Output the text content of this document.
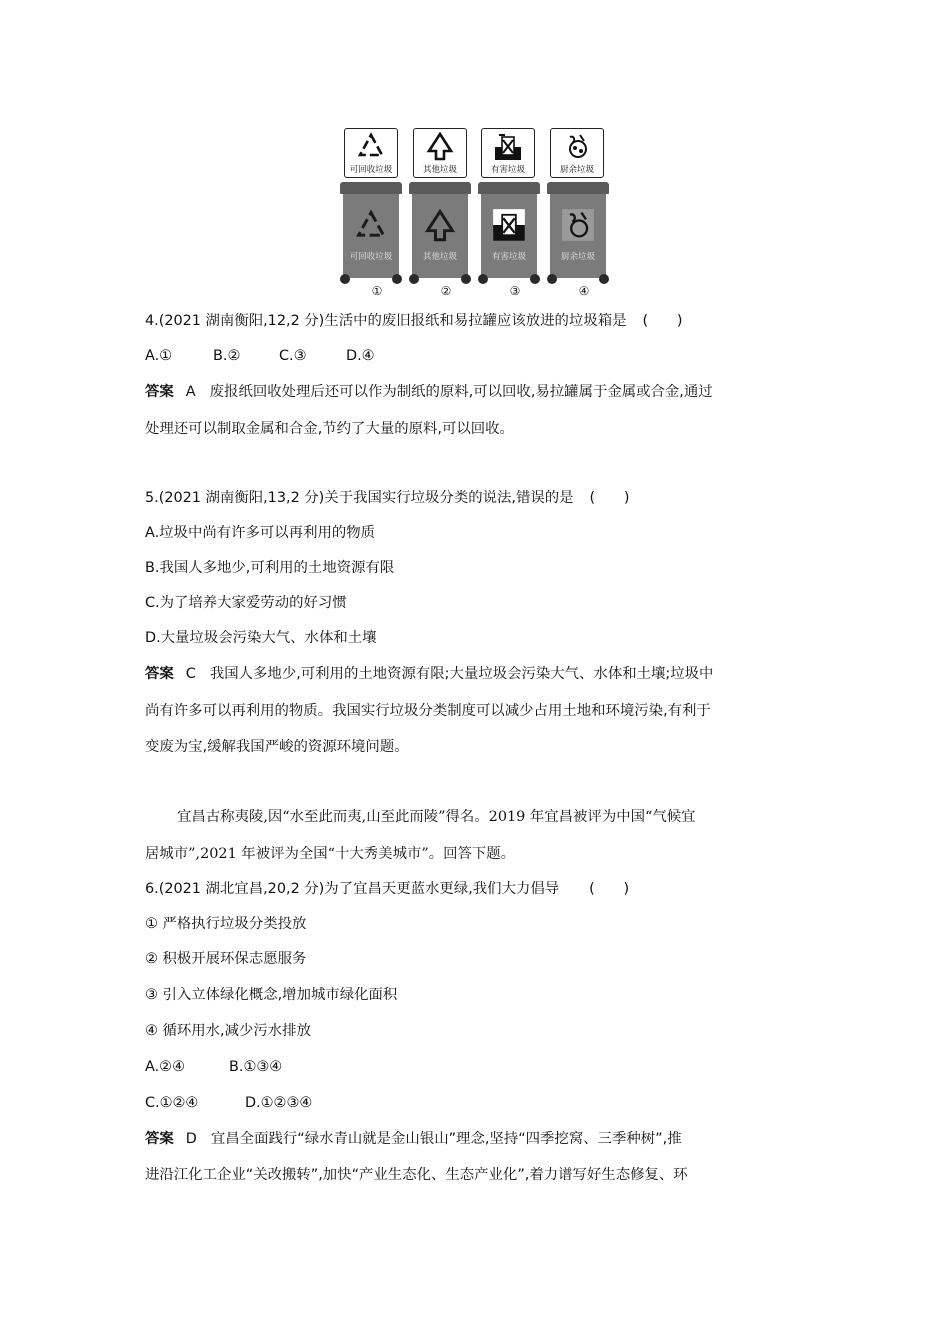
可回收垃圾	其他垃圾	有害垃圾	厨余垃圾
可回收垃圾	其他垃圾	有害垃圾	厨余垃圾
①	②	③	④
4.(2021 湖南衡阳,12,2 分)生活中的废旧报纸和易拉罐应该放进的垃圾箱是 (　　)
A.①	B.②	C.③	D.④
答案 A 废报纸回收处理后还可以作为制纸的原料,可以回收,易拉罐属于金属或合金,通过
处理还可以制取金属和合金,节约了大量的原料,可以回收。
5.(2021 湖南衡阳,13,2 分)关于我国实行垃圾分类的说法,错误的是 (　　)
A.垃圾中尚有许多可以再利用的物质
B.我国人多地少,可利用的土地资源有限
C.为了培养大家爱劳动的好习惯
D.大量垃圾会污染大气、水体和土壤
答案 C 我国人多地少,可利用的土地资源有限;大量垃圾会污染大气、水体和土壤;垃圾中
尚有许多可以再利用的物质。我国实行垃圾分类制度可以减少占用土地和环境污染,有利于
变废为宝,缓解我国严峻的资源环境问题。
宜昌古称夷陵,因“水至此而夷,山至此而陵”得名。2019 年宜昌被评为中国“气候宜
居城市”,2021 年被评为全国“十大秀美城市”。回答下题。
6.(2021 湖北宜昌,20,2 分)为了宜昌天更蓝水更绿,我们大力倡导 (　　)
① 严格执行垃圾分类投放
② 积极开展环保志愿服务
③ 引入立体绿化概念,增加城市绿化面积
④ 循环用水,减少污水排放
A.②④	B.①③④
C.①②④	D.①②③④
答案 D 宜昌全面践行“绿水青山就是金山银山”理念,坚持“四季挖窝、三季种树”,推
进沿江化工企业“关改搬转”,加快“产业生态化、生态产业化”,着力谱写好生态修复、环
